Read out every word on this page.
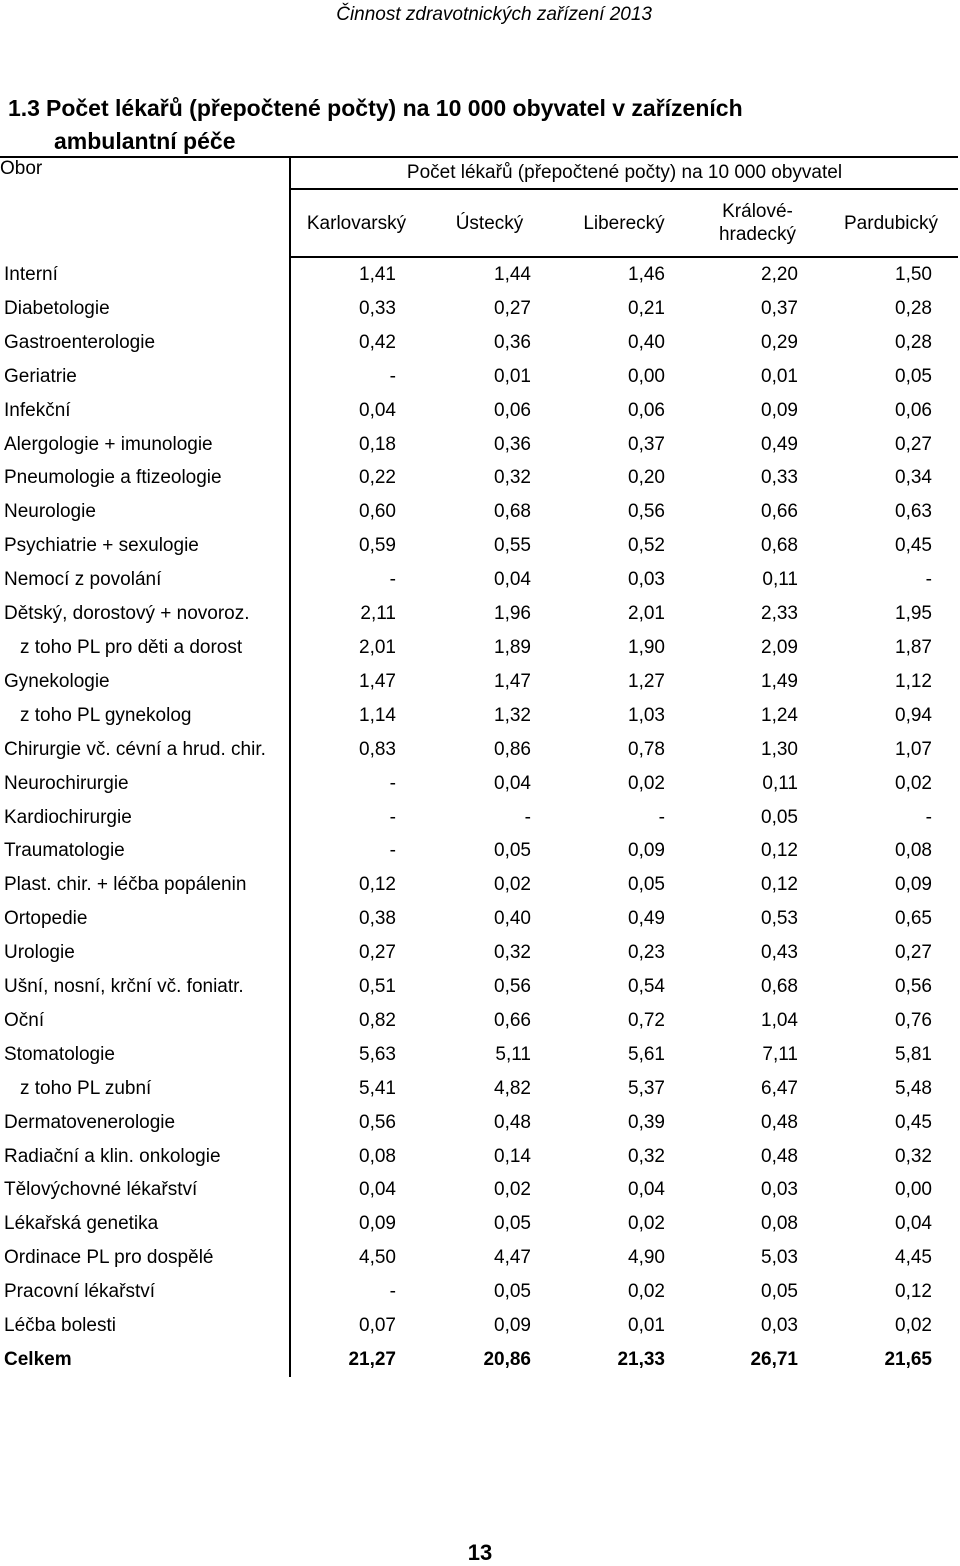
Činnost zdravotnických zařízení 2013
1.3 Počet lékařů (přepočtené počty) na 10 000 obyvatel v zařízeních
ambulantní péče
Obor	Počet lékařů (přepočtené počty) na 10 000 obyvatel				
	Karlovarský	Ústecký	Liberecký	Králové-
hradecký	Pardubický
Interní	1,41	1,44	1,46	2,20	1,50
Diabetologie	0,33	0,27	0,21	0,37	0,28
Gastroenterologie	0,42	0,36	0,40	0,29	0,28
Geriatrie	-	0,01	0,00	0,01	0,05
Infekční	0,04	0,06	0,06	0,09	0,06
Alergologie + imunologie	0,18	0,36	0,37	0,49	0,27
Pneumologie a ftizeologie	0,22	0,32	0,20	0,33	0,34
Neurologie	0,60	0,68	0,56	0,66	0,63
Psychiatrie + sexulogie	0,59	0,55	0,52	0,68	0,45
Nemocí z povolání	-	0,04	0,03	0,11	-
Dětský, dorostový + novoroz.	2,11	1,96	2,01	2,33	1,95
z toho PL pro děti a dorost	2,01	1,89	1,90	2,09	1,87
Gynekologie	1,47	1,47	1,27	1,49	1,12
z toho PL gynekolog	1,14	1,32	1,03	1,24	0,94
Chirurgie vč. cévní a hrud. chir.	0,83	0,86	0,78	1,30	1,07
Neurochirurgie	-	0,04	0,02	0,11	0,02
Kardiochirurgie	-	-	-	0,05	-
Traumatologie	-	0,05	0,09	0,12	0,08
Plast. chir. + léčba popálenin	0,12	0,02	0,05	0,12	0,09
Ortopedie	0,38	0,40	0,49	0,53	0,65
Urologie	0,27	0,32	0,23	0,43	0,27
Ušní, nosní, krční vč. foniatr.	0,51	0,56	0,54	0,68	0,56
Oční	0,82	0,66	0,72	1,04	0,76
Stomatologie	5,63	5,11	5,61	7,11	5,81
z toho PL zubní	5,41	4,82	5,37	6,47	5,48
Dermatovenerologie	0,56	0,48	0,39	0,48	0,45
Radiační a klin. onkologie	0,08	0,14	0,32	0,48	0,32
Tělovýchovné lékařství	0,04	0,02	0,04	0,03	0,00
Lékařská genetika	0,09	0,05	0,02	0,08	0,04
Ordinace PL pro dospělé	4,50	4,47	4,90	5,03	4,45
Pracovní lékařství	-	0,05	0,02	0,05	0,12
Léčba bolesti	0,07	0,09	0,01	0,03	0,02
Celkem	21,27	20,86	21,33	26,71	21,65
13
